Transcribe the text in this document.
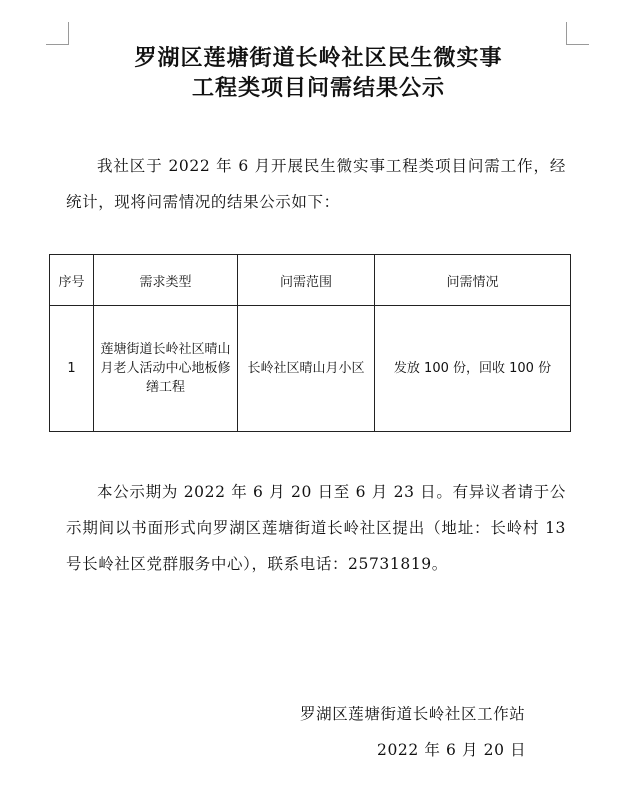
罗湖区莲塘街道长岭社区民生微实事
工程类项目问需结果公示
我社区于 2022 年 6 月开展民生微实事工程类项目问需工作，经统计，现将问需情况的结果公示如下：
序号	需求类型	问需范围	问需情况
1	莲塘街道长岭社区晴山月老人活动中心地板修缮工程	长岭社区晴山月小区	发放 100 份，回收 100 份
本公示期为 2022 年 6 月 20 日至 6 月 23 日。有异议者请于公示期间以书面形式向罗湖区莲塘街道长岭社区提出（地址：长岭村 13 号长岭社区党群服务中心），联系电话：25731819。
罗湖区莲塘街道长岭社区工作站
2022 年 6 月 20 日
